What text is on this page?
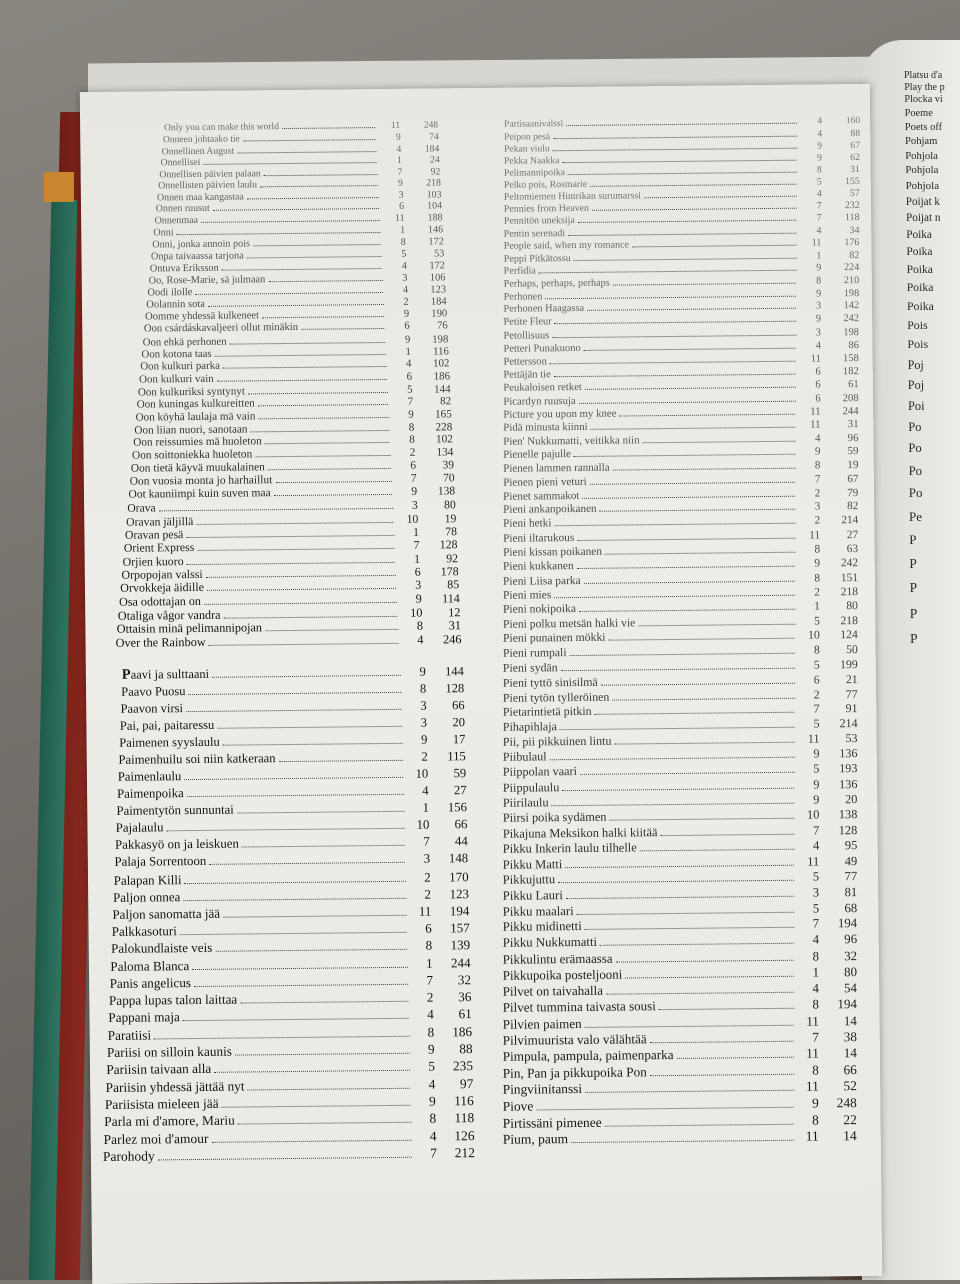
Platsu d'a
Play the p
Plocka vi
Poeme
Poets off
Pohjam
Pohjola
Pohjola
Pohjola
Poijat k
Poijat n
Poika
Poika
Poika
Poika
Poika
Pois
Pois
Poj
Poj
Poi
Po
Po
Po
Po
Pe
P
P
P
P
P
Only you can make this world	11	248
Onneen johtaako tie	9	74
Onnellinen August	4	184
Onnellisei	1	24
Onnellisen päivien palaan	7	92
Onnellisten päivien laulu	9	218
Onnen maa kangastaa	3	103
Onnen ruusut	6	104
Onnenmaa	11	188
Onni	1	146
Onni, jonka annoin pois	8	172
Onpa taivaassa tarjona	5	53
Ontuva Eriksson	4	172
Oo, Rose-Marie, sä julmaan	3	106
Oodi ilolle	4	123
Oolannin sota	2	184
Oomme yhdessä kulkeneet	9	190
Oon csárdáskavaljeeri ollut minäkin	6	76
Oon ehkä perhonen	9	198
Oon kotona taas	1	116
Oon kulkuri parka	4	102
Oon kulkuri vain	6	186
Oon kulkuriksi syntynyt	5	144
Oon kuningas kulkureitten	7	82
Oon köyhä laulaja mä vain	9	165
Oon liian nuori, sanotaan	8	228
Oon reissumies mä huoleton	8	102
Oon soittoniekka huoleton	2	134
Oon tietä käyvä muukalainen	6	39
Oon vuosia monta jo harhaillut	7	70
Oot kauniimpi kuin suven maa	9	138
Orava	3	80
Oravan jäljillä	10	19
Oravan pesä	1	78
Orient Express	7	128
Orjien kuoro	1	92
Orpopojan valssi	6	178
Orvokkeja äidille	3	85
Osa odottajan on	9	114
Otaliga vågor vandra	10	12
Ottaisin minä pelimannipojan	8	31
Over the Rainbow	4	246
Paavi ja sulttaani	9	144
Paavo Puosu	8	128
Paavon virsi	3	66
Pai, pai, paitaressu	3	20
Paimenen syyslaulu	9	17
Paimenhuilu soi niin katkeraan	2	115
Paimenlaulu	10	59
Paimenpoika	4	27
Paimentytön sunnuntai	1	156
Pajalaulu	10	66
Pakkasyö on ja leiskuen	7	44
Palaja Sorrentoon	3	148
Palapan Killi	2	170
Paljon onnea	2	123
Paljon sanomatta jää	11	194
Palkkasoturi	6	157
Palokundlaiste veis	8	139
Paloma Blanca	1	244
Panis angelicus	7	32
Pappa lupas talon laittaa	2	36
Pappani maja	4	61
Paratiisi	8	186
Pariisi on silloin kaunis	9	88
Pariisin taivaan alla	5	235
Pariisin yhdessä jättää nyt	4	97
Pariisista mieleen jää	9	116
Parla mi d'amore, Mariu	8	118
Parlez moi d'amour	4	126
Parohody	7	212
Partisaanivalssi	4	160
Peipon pesä	4	88
Pekan viulu	9	67
Pekka Naakka	9	62
Pelimannipoika	8	31
Pelko pois, Rosmarie	5	155
Peltomiemen Hintrikan surumarssi	4	57
Pennies from Heaven	7	232
Pennitön uneksija	7	118
Pentin serenadi	4	34
People said, when my romance	11	176
Peppi Pitkätossu	1	82
Perfidia	9	224
Perhaps, perhaps, perhaps	8	210
Perhonen	9	198
Perhonen Haagassa	3	142
Petite Fleur	9	242
Petollisuus	3	198
Petteri Punakuono	4	86
Pettersson	11	158
Pettäjän tie	6	182
Peukaloisen retket	6	61
Picardyn ruusuja	6	208
Picture you upon my knee	11	244
Pidä minusta kiinni	11	31
Pien' Nukkumatti, veitikka niin	4	96
Pienelle pajulle	9	59
Pienen lammen rannalla	8	19
Pienen pieni veturi	7	67
Pienet sammakot	2	79
Pieni ankanpoikanen	3	82
Pieni hetki	2	214
Pieni iltarukous	11	27
Pieni kissan poikanen	8	63
Pieni kukkanen	9	242
Pieni Liisa parka	8	151
Pieni mies	2	218
Pieni nokipoika	1	80
Pieni polku metsän halki vie	5	218
Pieni punainen mökki	10	124
Pieni rumpali	8	50
Pieni sydän	5	199
Pieni tyttö sinisilmä	6	21
Pieni tytön tylleröinen	2	77
Pietarintietä pitkin	7	91
Pihapihlaja	5	214
Pii, pii pikkuinen lintu	11	53
Piibulaul	9	136
Piippolan vaari	5	193
Piippulaulu	9	136
Piirilaulu	9	20
Piirsi poika sydämen	10	138
Pikajuna Meksikon halki kiitää	7	128
Pikku Inkerin laulu tilhelle	4	95
Pikku Matti	11	49
Pikkujuttu	5	77
Pikku Lauri	3	81
Pikku maalari	5	68
Pikku midinetti	7	194
Pikku Nukkumatti	4	96
Pikkulintu erämaassa	8	32
Pikkupoika posteljooni	1	80
Pilvet on taivahalla	4	54
Pilvet tummina taivasta sousi	8	194
Pilvien paimen	11	14
Pilvimuurista valo välähtää	7	38
Pimpula, pampula, paimenparka	11	14
Pin, Pan ja pikkupoika Pon	8	66
Pingviinitanssi	11	52
Piove	9	248
Pirtissäni pimenee	8	22
Pium, paum	11	14
